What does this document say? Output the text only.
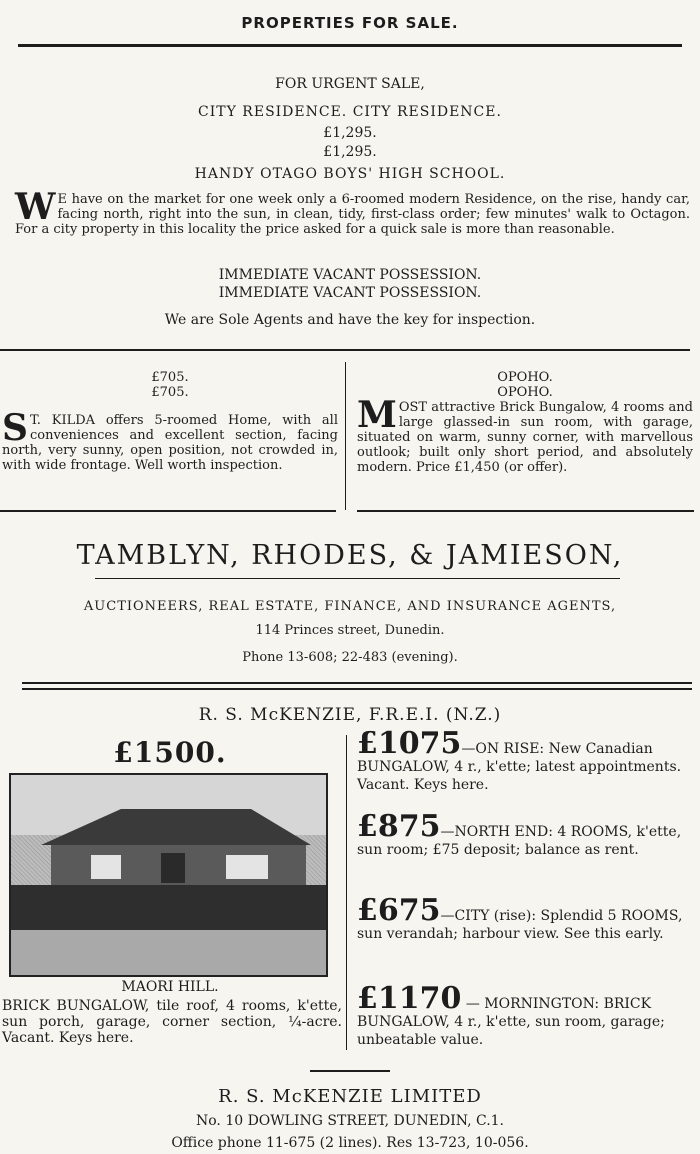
PROPERTIES FOR SALE.
FOR URGENT SALE,
CITY RESIDENCE. CITY RESIDENCE.
£1,295.
£1,295.
HANDY OTAGO BOYS' HIGH SCHOOL.
W E have on the market for one week only a 6-roomed modern Residence, on the rise, handy car, facing north, right into the sun, in clean, tidy, first-class order; few minutes' walk to Octagon. For a city property in this locality the price asked for a quick sale is more than reasonable.
IMMEDIATE VACANT POSSESSION.
IMMEDIATE VACANT POSSESSION.
We are Sole Agents and have the key for inspection.
£705.
£705.
S T. KILDA offers 5-roomed Home, with all conveniences and excellent section, facing north, very sunny, open position, not crowded in, with wide frontage. Well worth inspection.
OPOHO.
OPOHO.
MOST attractive Brick Bungalow, 4 rooms and large glassed-in sun room, with garage, situated on warm, sunny corner, with marvellous outlook; built only short period, and absolutely modern. Price £1,450 (or offer).
TAMBLYN, RHODES, & JAMIESON,
AUCTIONEERS, REAL ESTATE, FINANCE, AND INSURANCE AGENTS,
114 Princes street, Dunedin.
Phone 13-608; 22-483 (evening).
R. S. McKENZIE, F.R.E.I. (N.Z.)
£1500.
MAORI HILL.
BRICK BUNGALOW, tile roof, 4 rooms, k'ette, sun porch, garage, corner section, ¼-acre. Vacant. Keys here.
£1075—ON RISE: New Canadian BUNGALOW, 4 r., k'ette; latest appointments. Vacant. Keys here.
£875—NORTH END: 4 ROOMS, k'ette, sun room; £75 deposit; balance as rent.
£675—CITY (rise): Splendid 5 ROOMS, sun verandah; harbour view. See this early.
£1170 — MORNINGTON: BRICK BUNGALOW, 4 r., k'ette, sun room, garage; unbeatable value.
R. S. McKENZIE LIMITED
No. 10 DOWLING STREET, DUNEDIN, C.1.
Office phone 11-675 (2 lines). Res 13-723, 10-056.
